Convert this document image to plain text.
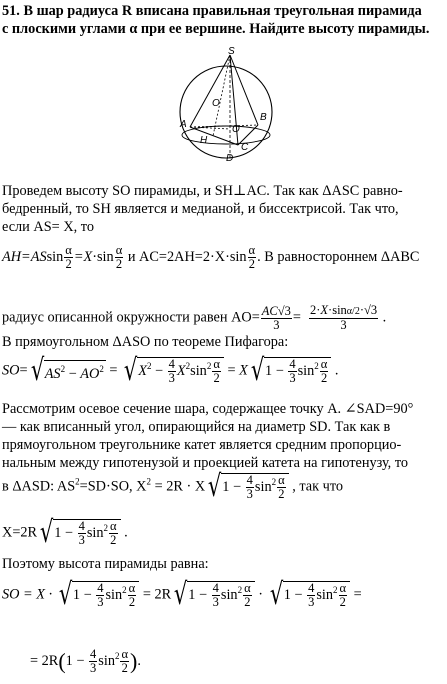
51. В шар радиуса R вписана правильная треугольная пирамида
с плоскими углами α при ее вершине. Найдите высоту пирамиды.
S
O
O
A
B
H
C
D
Проведем высоту SO пирамиды, и SH⊥AC. Так как ΔASC равно-
бедренный, то SH является и медианой, и биссектрисой. Так что,
если AS= X, то
$AH=ASsin \frac{\alpha}{2} =X\cdot\sin \frac{\alpha}{2}$ и $AC=2AH=2\cdot X\cdot\sin \frac{\alpha}{2}$ . В равностороннем ΔABC
радиус описанной окружности равен $AO= \frac{AC√3}{3} = \frac{2\cdot X\cdot\sin\alpha/2\cdot√3}{3}$ .
В прямоугольном ΔASO по теореме Пифагора:
$SO=√AS^2 - AO^2 = √X^2 - \frac{4}{3} X^2\sin^2 \frac{\alpha}{2} = X√1 - \frac{4}{3} \sin^2 \frac{\alpha}{2}$ .
Рассмотрим осевое сечение шара, содержащее точку A. ∠SAD=90°
— как вписанный угол, опирающийся на диаметр SD. Так как в
прямоугольном треугольнике катет является средним пропорцио-
нальным между гипотенузой и проекцией катета на гипотенузу, то
в ΔASD: $AS^2=SD\cdot SO$, $X^2 = 2R \cdot X√1 - \frac{4}{3} \sin^2 \frac{\alpha}{2}$ , так что
$X=2R√1 - \frac{4}{3} \sin^2 \frac{\alpha}{2}$ .
Поэтому высота пирамиды равна:
SO = $X \cdot √1 - \frac{4}{3} \sin^2 \frac{\alpha}{2} = 2R√1 - \frac{4}{3} \sin^2 \frac{\alpha}{2} \cdot √1 - \frac{4}{3} \sin^2 \frac{\alpha}{2}$ =
= $2R(1 - \frac{4}{3} \sin^2 \frac{\alpha}{2}$ ).
